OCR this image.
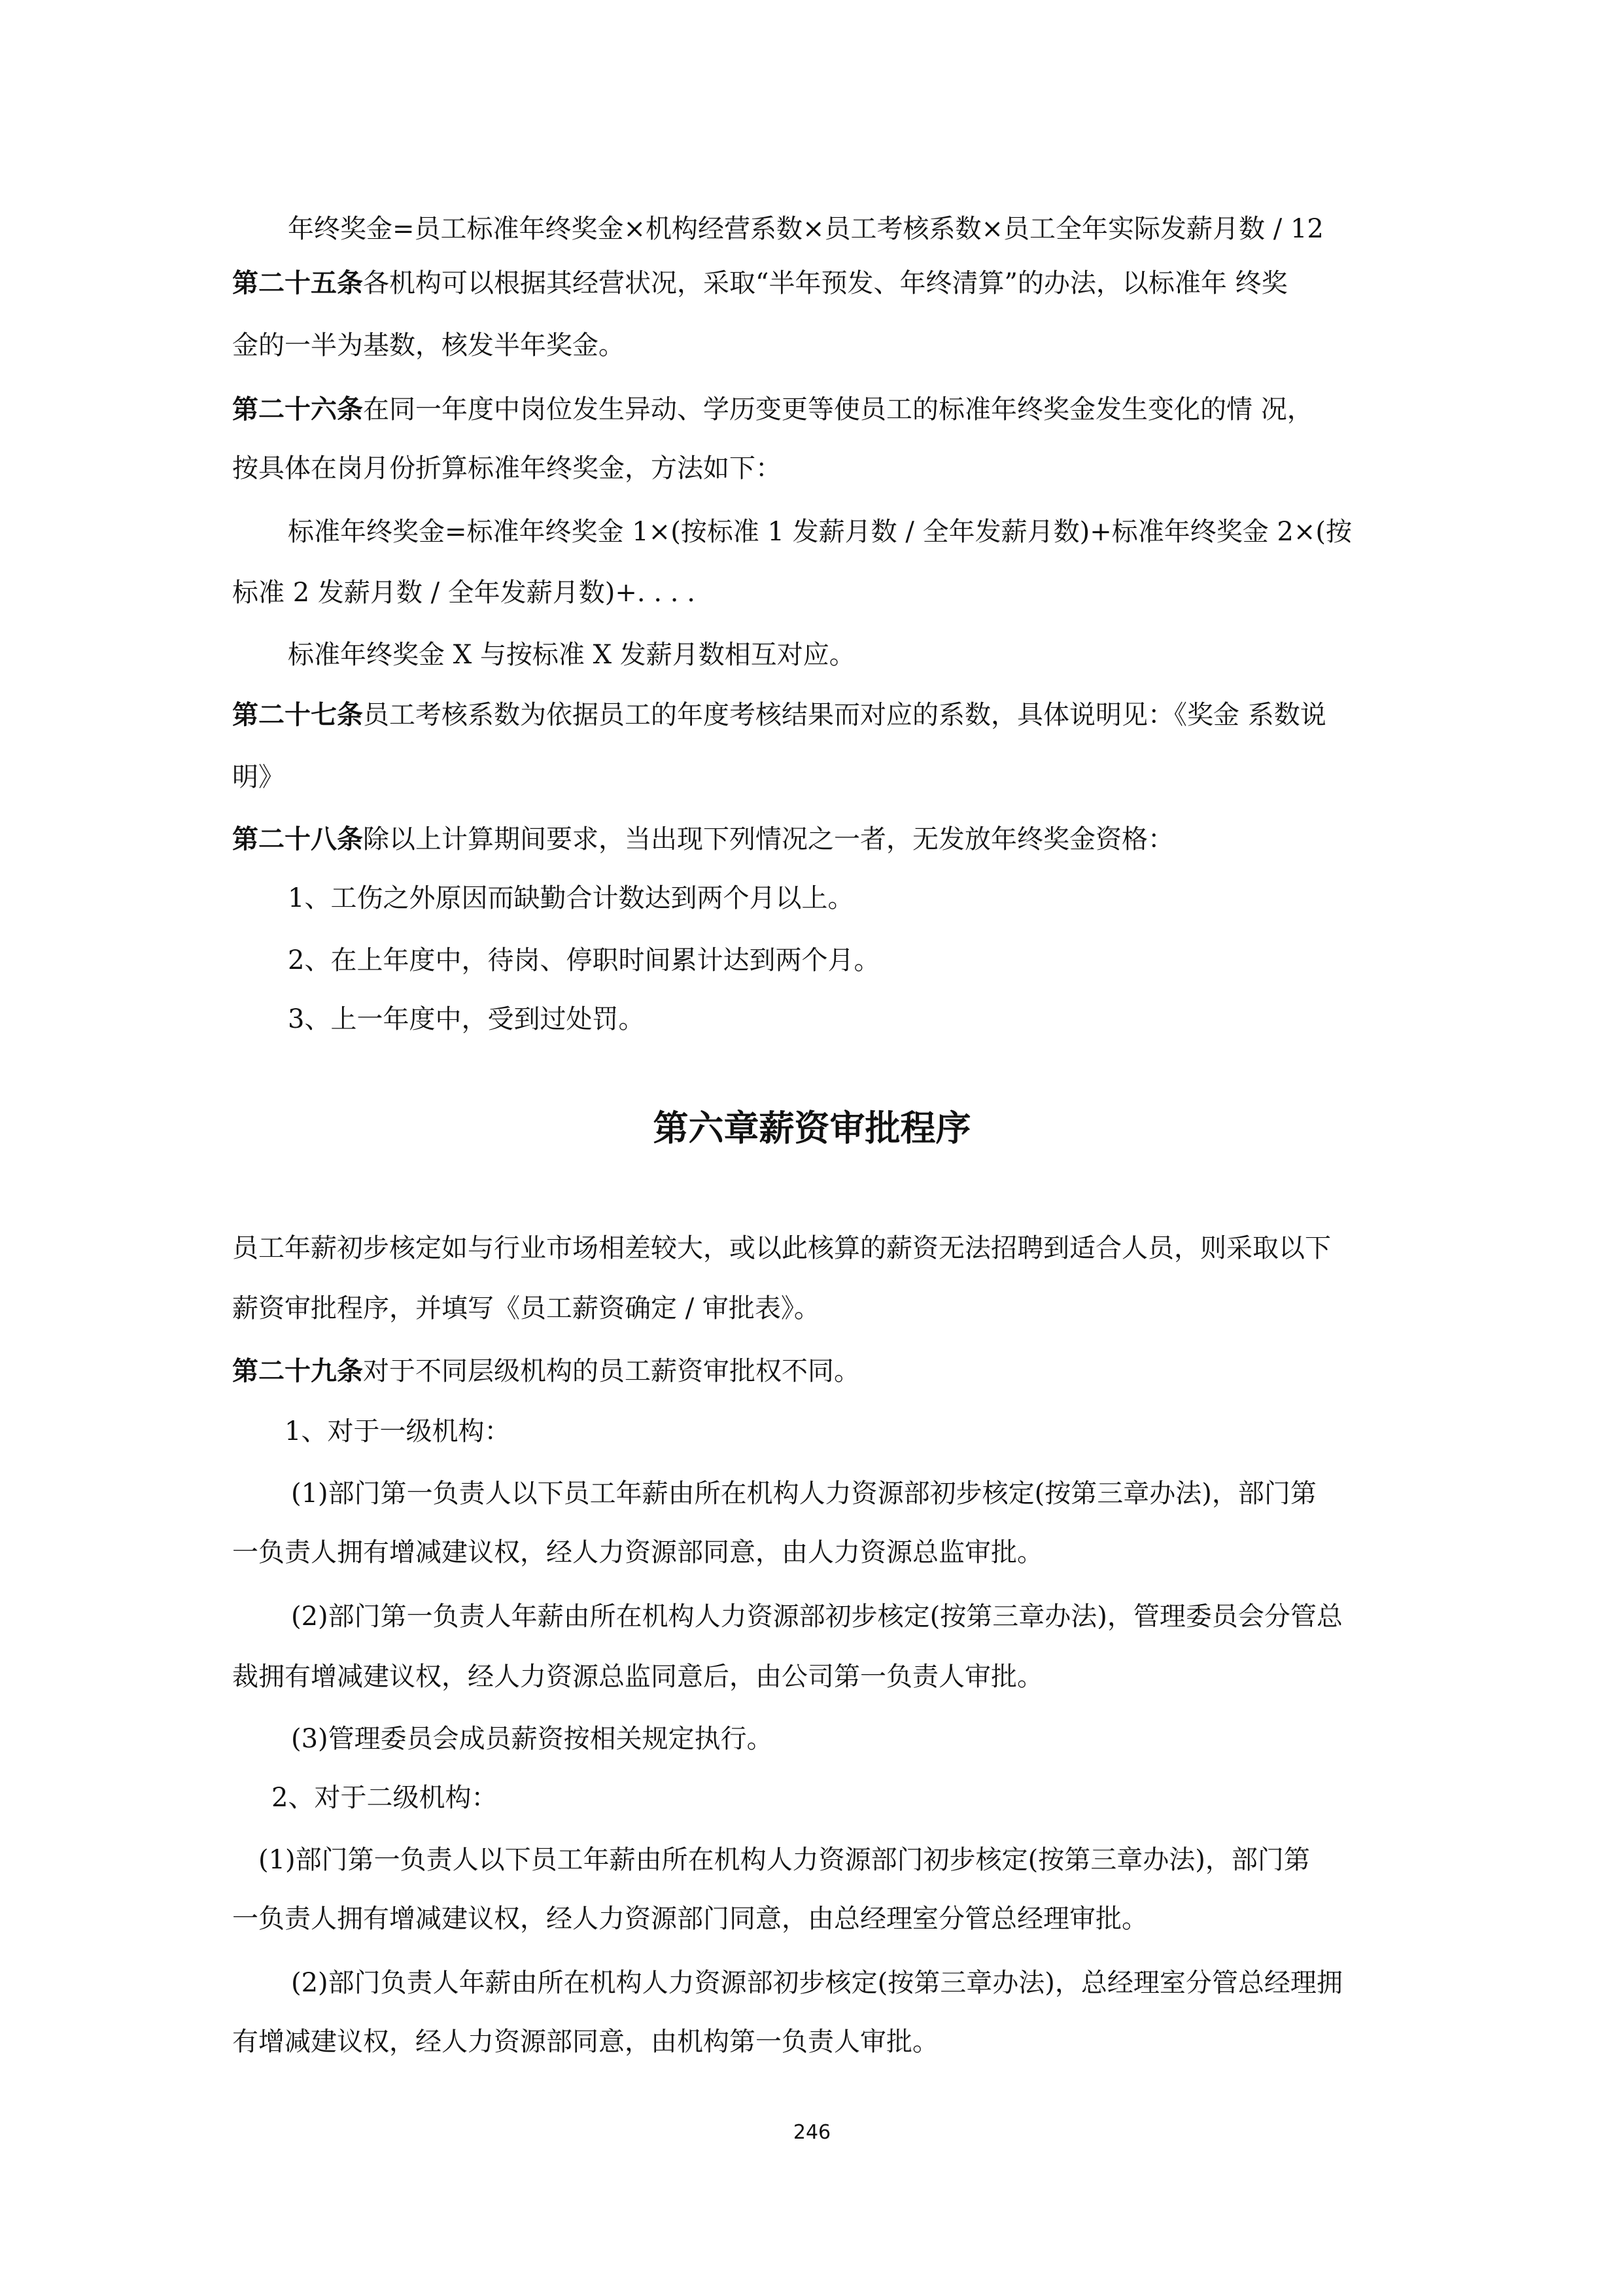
年终奖金=员工标准年终奖金×机构经营系数×员工考核系数×员工全年实际发薪月数 / 12
第二十五条各机构可以根据其经营状况，采取“半年预发、年终清算”的办法，以标准年 终奖
金的一半为基数，核发半年奖金。
第二十六条在同一年度中岗位发生异动、学历变更等使员工的标准年终奖金发生变化的情 况，
按具体在岗月份折算标准年终奖金，方法如下：
标准年终奖金=标准年终奖金 1×(按标准 1 发薪月数 / 全年发薪月数)+标准年终奖金 2×(按
标准 2 发薪月数 / 全年发薪月数)+. . . .
标准年终奖金 X 与按标准 X 发薪月数相互对应。
第二十七条员工考核系数为依据员工的年度考核结果而对应的系数，具体说明见：《奖金 系数说
明》
第二十八条除以上计算期间要求，当出现下列情况之一者，无发放年终奖金资格：
1、工伤之外原因而缺勤合计数达到两个月以上。
2、在上年度中，待岗、停职时间累计达到两个月。
3、上一年度中，受到过处罚。
第六章薪资审批程序
员工年薪初步核定如与行业市场相差较大，或以此核算的薪资无法招聘到适合人员，则采取以下
薪资审批程序，并填写《员工薪资确定 / 审批表》。
第二十九条对于不同层级机构的员工薪资审批权不同。
1、对于一级机构：
(1)部门第一负责人以下员工年薪由所在机构人力资源部初步核定(按第三章办法)，部门第
一负责人拥有增减建议权，经人力资源部同意，由人力资源总监审批。
(2)部门第一负责人年薪由所在机构人力资源部初步核定(按第三章办法)，管理委员会分管总
裁拥有增减建议权，经人力资源总监同意后，由公司第一负责人审批。
(3)管理委员会成员薪资按相关规定执行。
2、对于二级机构：
(1)部门第一负责人以下员工年薪由所在机构人力资源部门初步核定(按第三章办法)，部门第
一负责人拥有增减建议权，经人力资源部门同意，由总经理室分管总经理审批。
(2)部门负责人年薪由所在机构人力资源部初步核定(按第三章办法)，总经理室分管总经理拥
有增减建议权，经人力资源部同意，由机构第一负责人审批。
246
